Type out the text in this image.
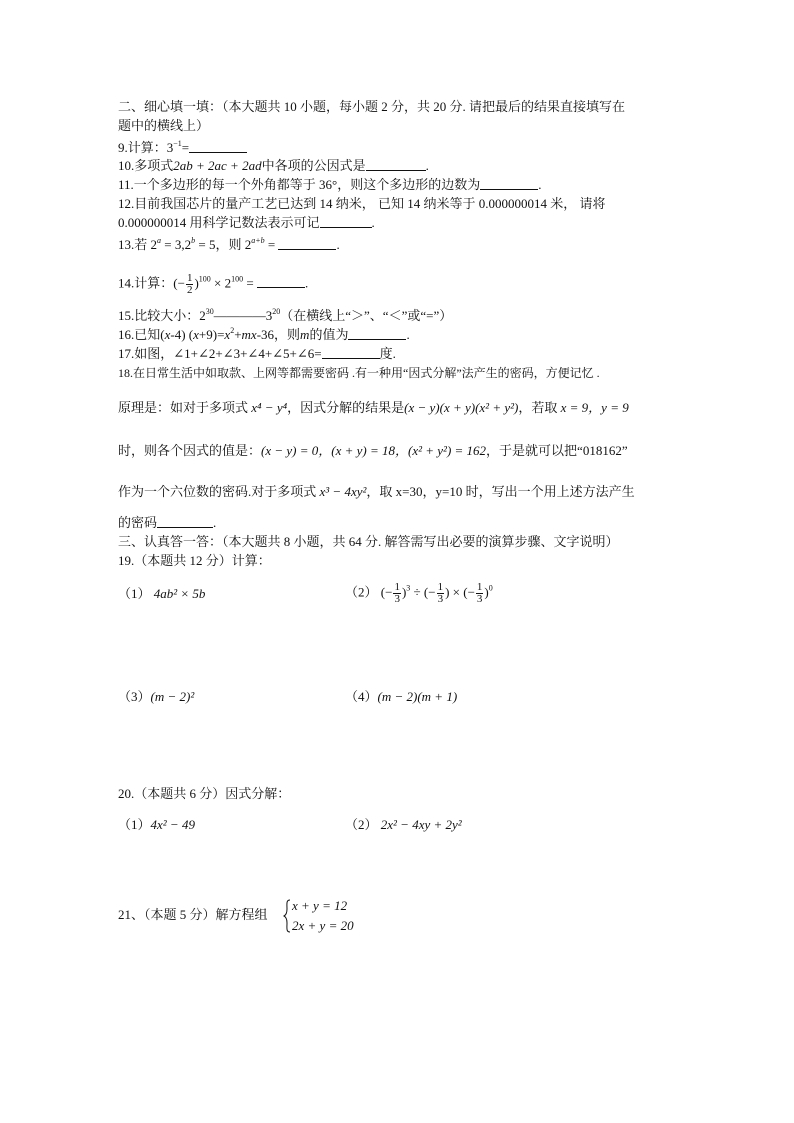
二、细心填一填：（本大题共 10 小题，每小题 2 分，共 20 分. 请把最后的结果直接填写在
题中的横线上）
9.计算：$3^{-1}=$
10.多项式2ab + 2ac + 2ad中各项的公因式是	.
11.一个多边形的每一个外角都等于 36°，则这个多边形的边数为	.
12.目前我国芯片的量产工艺已达到 14 纳米， 已知 14 纳米等于 0.000000014 米， 请将
0.000000014 用科学记数法表示可记	.
13.若 $2^a = 3,2^b = 5$，则 $2^{a+b}$ =	.
14.计算：(− $\frac{1}{2} )^{100} \times 2^{100}$ =	.
15.比较大小：$2^{30}————3^{20}$（在横线上“＞”、“＜”或“=”）
16.已知(x-4) $(x+9)=x^2+mx-36$，则m的值为	.
17.如图，∠1+∠2+∠3+∠4+∠5+∠6=	度.
18.在日常生活中如取款、上网等都需要密码 .有一种用“因式分解”法产生的密码，方便记忆 .
原理是：如对于多项式 x⁴ − y⁴，因式分解的结果是(x − y)(x + y)(x² + y²)，若取 x = 9，y = 9
时，则各个因式的值是：(x − y) = 0，(x + y) = 18，(x² + y²) = 162，于是就可以把“018162”
作为一个六位数的密码.对于多项式 x³ − 4xy²，取 x=30，y=10 时，写出一个用上述方法产生
的密码	.
三、认真答一答：（本大题共 8 小题，共 64 分. 解答需写出必要的演算步骤、文字说明）
19.（本题共 12 分）计算：
（1） 4ab² × 5b	（2） (− $\frac{1}{3} )^3$ ÷ (− $\frac{1}{3}$ ) × (− $\frac{1}{3} )^0$
（3）(m − 2)²	（4）(m − 2)(m + 1)
20.（本题共 6 分）因式分解：
（1）4x² − 49	（2） 2x² − 4xy + 2y²
21、（本题 5 分）解方程组
x + y = 12
2x + y = 20
